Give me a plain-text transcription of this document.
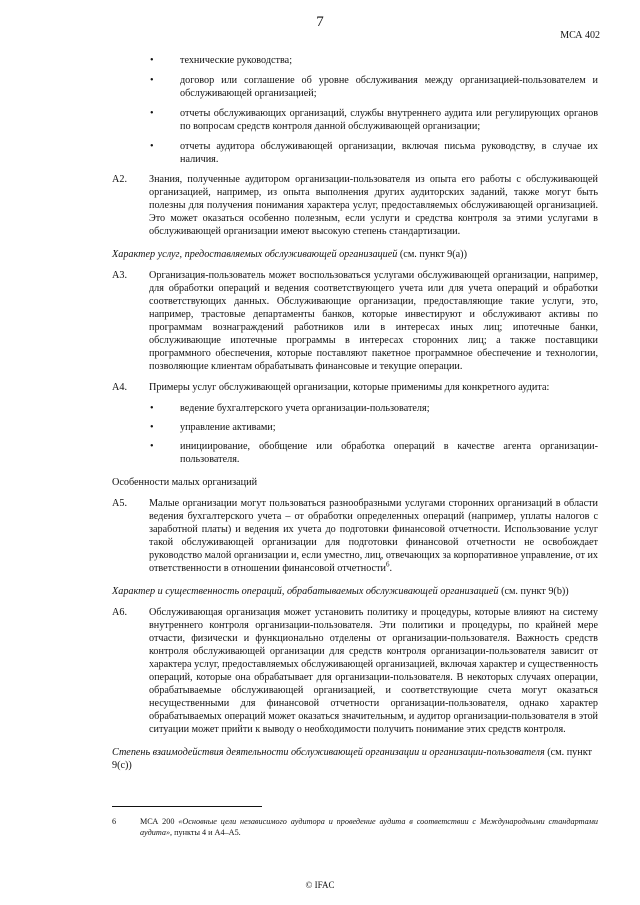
7
МСА 402
•	технические руководства;
•	договор или соглашение об уровне обслуживания между организацией-пользователем и обслуживающей организацией;
•	отчеты обслуживающих организаций, службы внутреннего аудита или регулирующих органов по вопросам средств контроля данной обслуживающей организации;
•	отчеты аудитора обслуживающей организации, включая письма руководству, в случае их наличия.
A2. Знания, полученные аудитором организации-пользователя из опыта его работы с обслуживающей организацией, например, из опыта выполнения других аудиторских заданий, также могут быть полезны для получения понимания характера услуг, предоставляемых обслуживающей организацией. Это может оказаться особенно полезным, если услуги и средства контроля за этими услугами в обслуживающей организации имеют высокую степень стандартизации.
Характер услуг, предоставляемых обслуживающей организацией (см. пункт 9(a))
A3. Организация-пользователь может воспользоваться услугами обслуживающей организации, например, для обработки операций и ведения соответствующего учета или для учета операций и обработки соответствующих данных. Обслуживающие организации, предоставляющие такие услуги, это, например, трастовые департаменты банков, которые инвестируют и обслуживают активы по программам вознаграждений работников или в интересах иных лиц; ипотечные банки, обслуживающие ипотечные программы в интересах сторонних лиц; а также поставщики программного обеспечения, которые поставляют пакетное программное обеспечение и технологии, позволяющие клиентам обрабатывать финансовые и текущие операции.
A4. Примеры услуг обслуживающей организации, которые применимы для конкретного аудита:
•	ведение бухгалтерского учета организации-пользователя;
•	управление активами;
•	инициирование, обобщение или обработка операций в качестве агента организации-пользователя.
Особенности малых организаций
A5. Малые организации могут пользоваться разнообразными услугами сторонних организаций в области ведения бухгалтерского учета – от обработки определенных операций (например, уплаты налогов с заработной платы) и ведения их учета до подготовки финансовой отчетности. Использование услуг такой обслуживающей организации для подготовки финансовой отчетности не освобождает руководство малой организации и, если уместно, лиц, отвечающих за корпоративное управление, от их ответственности в отношении финансовой отчетности$^6$.
Характер и существенность операций, обрабатываемых обслуживающей организацией (см. пункт 9(b))
A6. Обслуживающая организация может установить политику и процедуры, которые влияют на систему внутреннего контроля организации-пользователя. Эти политики и процедуры, по крайней мере отчасти, физически и функционально отделены от организации-пользователя. Важность средств контроля обслуживающей организации для средств контроля организации-пользователя зависит от характера услуг, предоставляемых обслуживающей организацией, включая характер и существенность операций, которые она обрабатывает для организации-пользователя. В некоторых случаях операции, обрабатываемые обслуживающей организацией, и соответствующие счета могут оказаться несущественными для финансовой отчетности организации-пользователя, однако характер обрабатываемых операций может оказаться значительным, и аудитор организации-пользователя в этой ситуации может прийти к выводу о необходимости получить понимание этих средств контроля.
Степень взаимодействия деятельности обслуживающей организации и организации-пользователя (см. пункт 9(c))
6	МСА 200 «Основные цели независимого аудитора и проведение аудита в соответствии с Международными стандартами аудита», пункты 4 и A4–A5.
© IFAC
